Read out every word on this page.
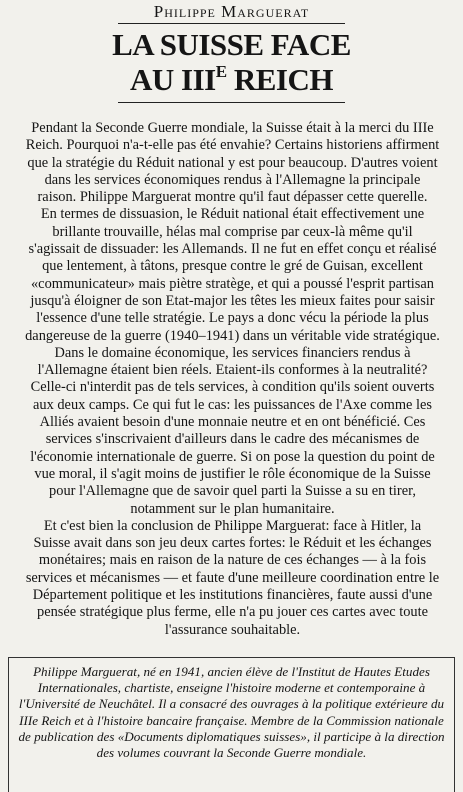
Philippe Marguerat
LA SUISSE FACE
AU $III^E$ REICH

Pendant la Seconde Guerre mondiale, la Suisse était à la merci du IIIe Reich. Pourquoi n'a-t-elle pas été envahie? Certains historiens affirment que la stratégie du Réduit national y est pour beaucoup. D'autres voient dans les services économiques rendus à l'Allemagne la principale raison. Philippe Marguerat montre qu'il faut dépasser cette querelle.

En termes de dissuasion, le Réduit national était effectivement une brillante trouvaille, hélas mal comprise par ceux-là même qu'il s'agissait de dissuader: les Allemands. Il ne fut en effet conçu et réalisé que lentement, à tâtons, presque contre le gré de Guisan, excellent «communicateur» mais piètre stratège, et qui a poussé l'esprit partisan jusqu'à éloigner de son Etat-major les têtes les mieux faites pour saisir l'essence d'une telle stratégie. Le pays a donc vécu la période la plus dangereuse de la guerre (1940–1941) dans un véritable vide stratégique.

Dans le domaine économique, les services financiers rendus à l'Allemagne étaient bien réels. Etaient-ils conformes à la neutralité? Celle-ci n'interdit pas de tels services, à condition qu'ils soient ouverts aux deux camps. Ce qui fut le cas: les puissances de l'Axe comme les Alliés avaient besoin d'une monnaie neutre et en ont bénéficié. Ces services s'inscrivaient d'ailleurs dans le cadre des mécanismes de l'économie internationale de guerre. Si on pose la question du point de vue moral, il s'agit moins de justifier le rôle économique de la Suisse pour l'Allemagne que de savoir quel parti la Suisse a su en tirer, notamment sur le plan humanitaire.

Et c'est bien la conclusion de Philippe Marguerat: face à Hitler, la Suisse avait dans son jeu deux cartes fortes: le Réduit et les échanges monétaires; mais en raison de la nature de ces échanges — à la fois services et mécanismes — et faute d'une meilleure coordination entre le Département politique et les institutions financières, faute aussi d'une pensée stratégique plus ferme, elle n'a pu jouer ces cartes avec toute l'assurance souhaitable.

Philippe Marguerat, né en 1941, ancien élève de l'Institut de Hautes Etudes Internationales, chartiste, enseigne l'histoire moderne et contemporaine à l'Université de Neuchâtel. Il a consacré des ouvrages à la politique extérieure du IIIe Reich et à l'histoire bancaire française. Membre de la Commission nationale de publication des «Documents diplomatiques suisses», il participe à la direction des volumes couvrant la Seconde Guerre mondiale.
